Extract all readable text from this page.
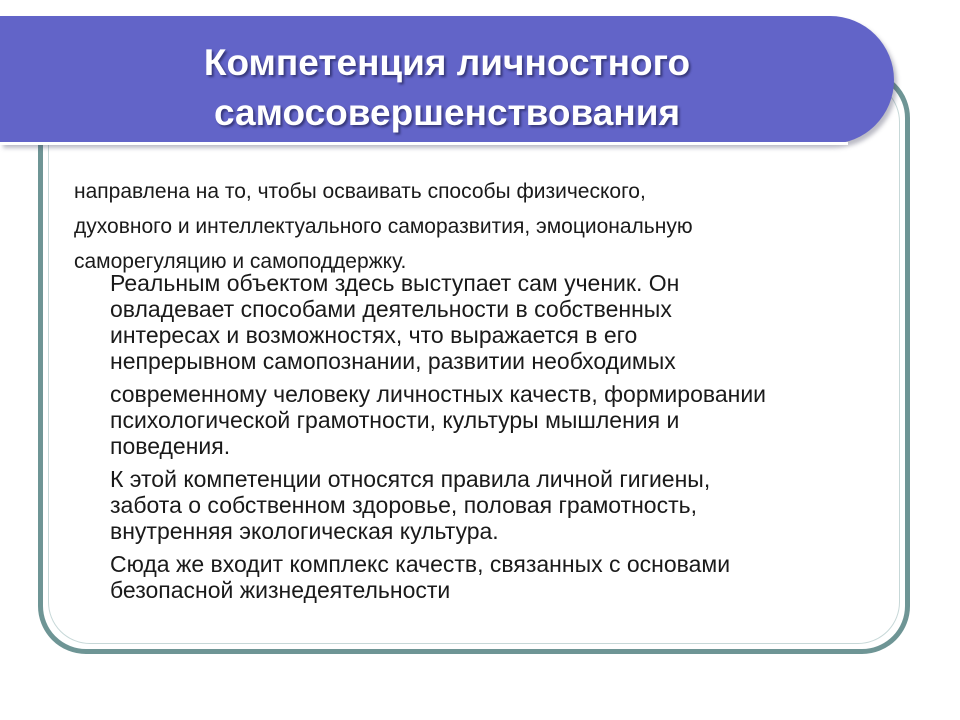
Компетенция личностного
самосовершенствования

направлена на то, чтобы осваивать способы физического,
духовного и интеллектуального саморазвития, эмоциональную
саморегуляцию и самоподдержку.

Реальным объектом здесь выступает сам ученик. Он
овладевает способами деятельности в собственных
интересах и возможностях, что выражается в его
непрерывном самопознании, развитии необходимых
современному человеку личностных качеств, формировании
психологической грамотности, культуры мышления и
поведения.
К этой компетенции относятся правила личной гигиены,
забота о собственном здоровье, половая грамотность,
внутренняя экологическая культура.
Сюда же входит комплекс качеств, связанных с основами
безопасной жизнедеятельности
